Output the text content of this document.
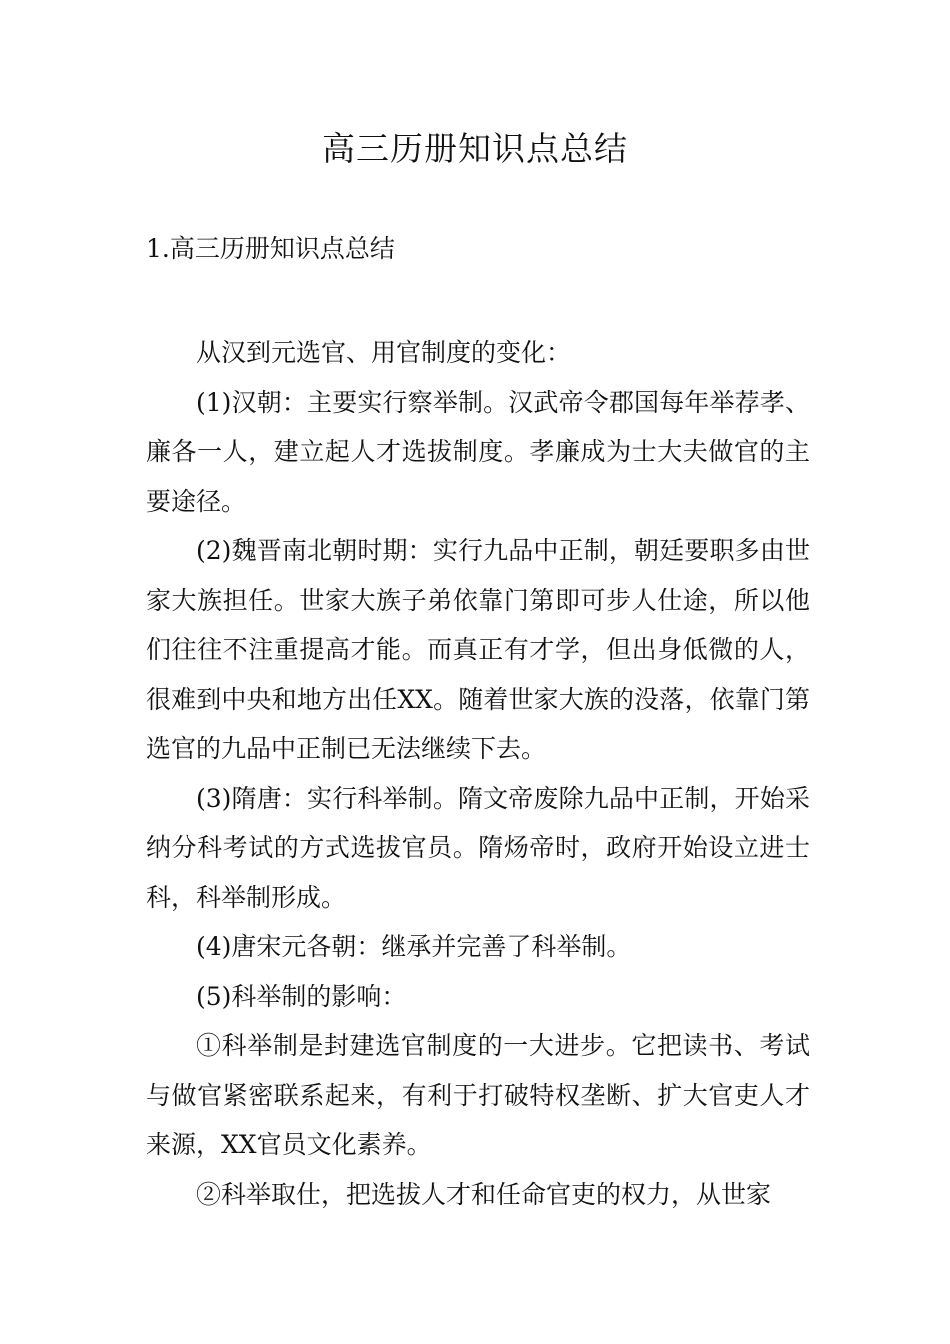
高三历册知识点总结
1.高三历册知识点总结

从汉到元选官、用官制度的变化：

(1)汉朝：主要实行察举制。汉武帝令郡国每年举荐孝、廉各一人，建立起人才选拔制度。孝廉成为士大夫做官的主要途径。

(2)魏晋南北朝时期：实行九品中正制，朝廷要职多由世家大族担任。世家大族子弟依靠门第即可步人仕途，所以他们往往不注重提高才能。而真正有才学，但出身低微的人，很难到中央和地方出任XX。随着世家大族的没落，依靠门第选官的九品中正制已无法继续下去。

(3)隋唐：实行科举制。隋文帝废除九品中正制，开始采纳分科考试的方式选拔官员。隋炀帝时，政府开始设立进士科，科举制形成。

(4)唐宋元各朝：继承并完善了科举制。

(5)科举制的影响：

①科举制是封建选官制度的一大进步。它把读书、考试与做官紧密联系起来，有利于打破特权垄断、扩大官吏人才来源，XX官员文化素养。

②科举取仕，把选拔人才和任命官吏的权力，从世家
